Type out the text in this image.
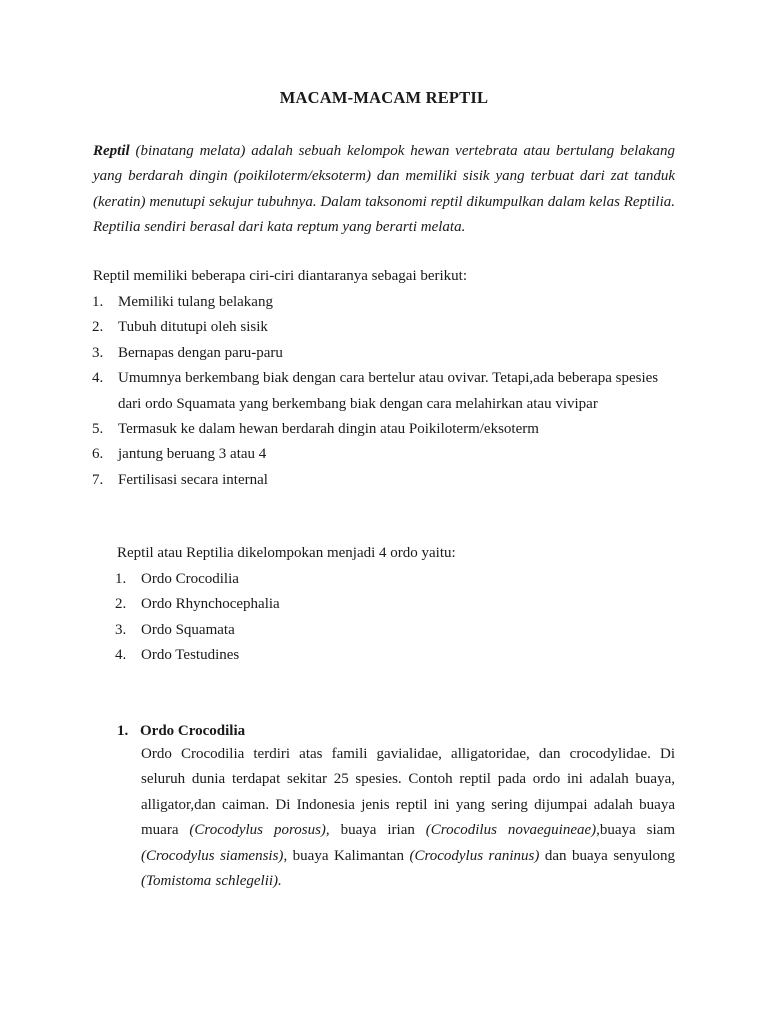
MACAM-MACAM REPTIL

Reptil (binatang melata) adalah sebuah kelompok hewan vertebrata atau bertulang belakang yang berdarah dingin (poikiloterm/eksoterm) dan memiliki sisik yang terbuat dari zat tanduk (keratin) menutupi sekujur tubuhnya. Dalam taksonomi reptil dikumpulkan dalam kelas Reptilia. Reptilia sendiri berasal dari kata reptum yang berarti melata.

Reptil memiliki beberapa ciri-ciri diantaranya sebagai berikut:

1. Memiliki tulang belakang
2. Tubuh ditutupi oleh sisik
3. Bernapas dengan paru-paru
4. Umumnya berkembang biak dengan cara bertelur atau ovivar. Tetapi,ada beberapa spesies dari ordo Squamata yang berkembang biak dengan cara melahirkan atau vivipar
5. Termasuk ke dalam hewan berdarah dingin atau Poikiloterm/eksoterm
6. jantung beruang 3 atau 4
7. Fertilisasi secara internal

Reptil atau Reptilia dikelompokan menjadi 4 ordo yaitu:

1. Ordo Crocodilia
2. Ordo Rhynchocephalia
3. Ordo Squamata
4. Ordo Testudines

1. Ordo Crocodilia

Ordo Crocodilia terdiri atas famili gavialidae, alligatoridae, dan crocodylidae. Di seluruh dunia terdapat sekitar 25 spesies. Contoh reptil pada ordo ini adalah buaya, alligator,dan caiman. Di Indonesia jenis reptil ini yang sering dijumpai adalah buaya muara (Crocodylus porosus), buaya irian (Crocodilus novaeguineae),buaya siam (Crocodylus siamensis), buaya Kalimantan (Crocodylus raninus) dan buaya senyulong (Tomistoma schlegelii).
